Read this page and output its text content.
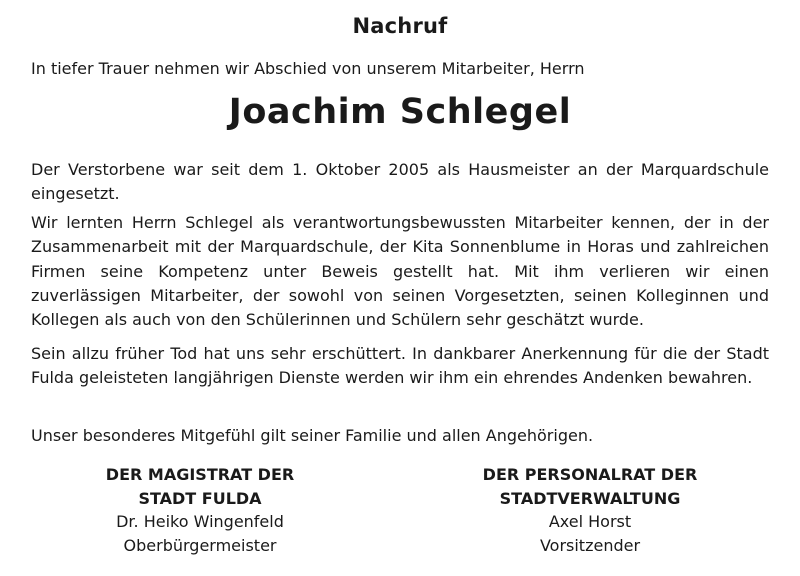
Nachruf
In tiefer Trauer nehmen wir Abschied von unserem Mitarbeiter, Herrn
Joachim Schlegel

Der Verstorbene war seit dem 1. Oktober 2005 als Hausmeister an der Marquardschule eingesetzt.

Wir lernten Herrn Schlegel als verantwortungsbewussten Mitarbeiter kennen, der in der Zusammenarbeit mit der Marquardschule, der Kita Sonnenblume in Horas und zahlreichen Firmen seine Kompetenz unter Beweis gestellt hat. Mit ihm verlieren wir einen zuverlässigen Mitarbeiter, der sowohl von seinen Vorgesetzten, seinen Kolleginnen und Kollegen als auch von den Schülerinnen und Schülern sehr geschätzt wurde.

Sein allzu früher Tod hat uns sehr erschüttert. In dankbarer Anerkennung für die der Stadt Fulda geleisteten langjährigen Dienste werden wir ihm ein ehrendes Andenken bewahren.

Unser besonderes Mitgefühl gilt seiner Familie und allen Angehörigen.

DER MAGISTRAT DER
STADT FULDA
Dr. Heiko Wingenfeld
Oberbürgermeister
DER PERSONALRAT DER
STADTVERWALTUNG
Axel Horst
Vorsitzender
